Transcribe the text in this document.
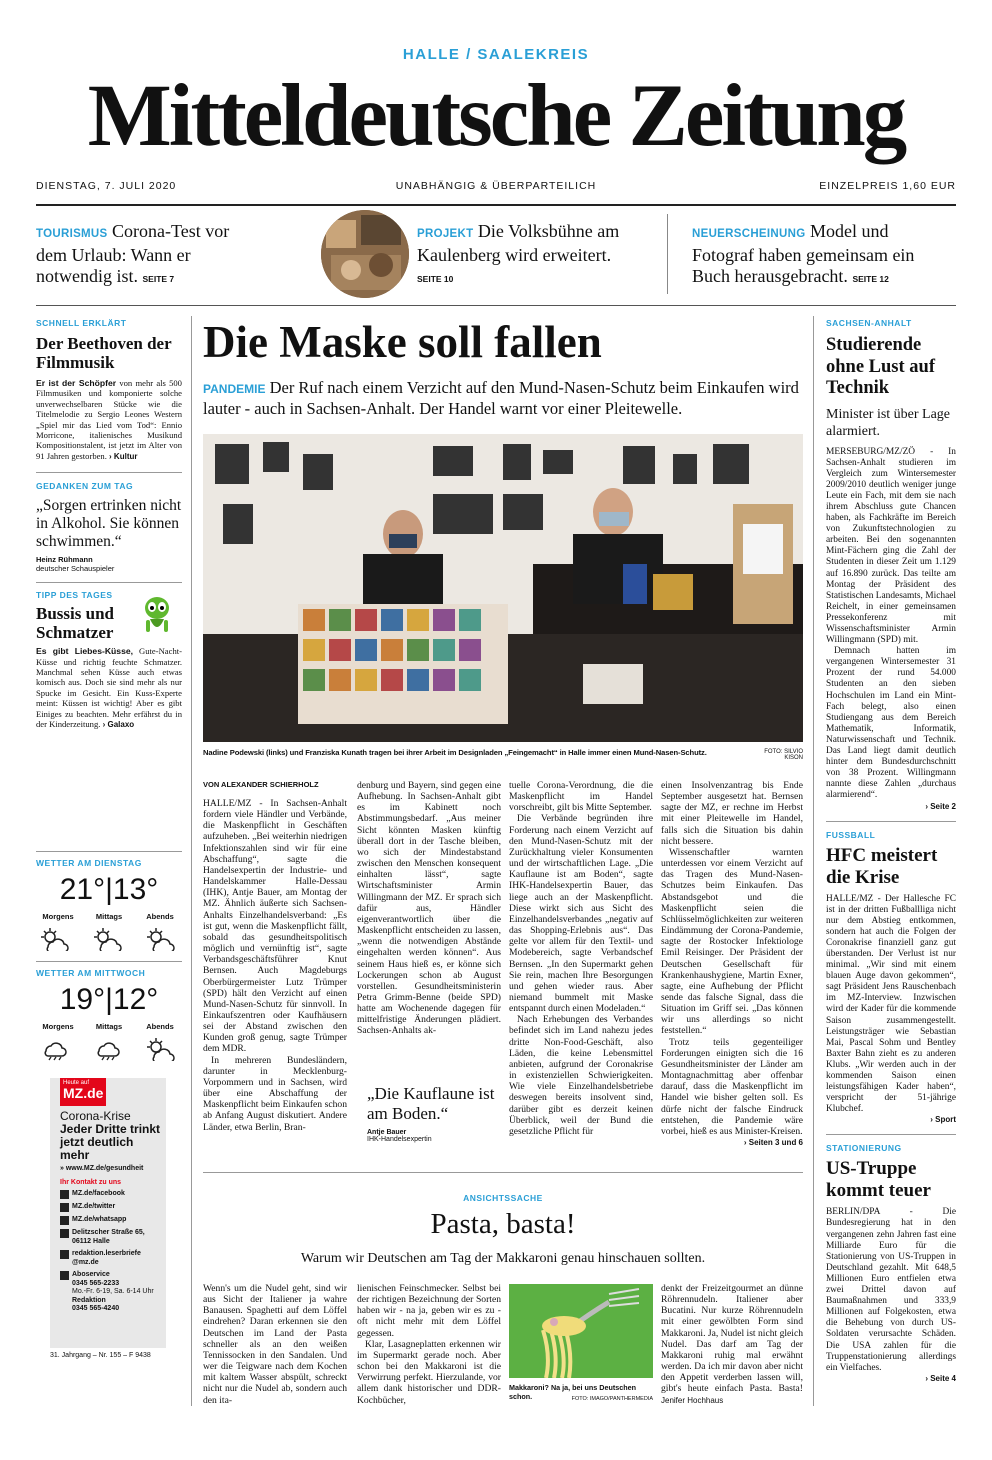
HALLE / SAALEKREIS
Mitteldeutsche Zeitung
DIENSTAG, 7. JULI 2020	UNABHÄNGIG & ÜBERPARTEILICH	EINZELPREIS 1,60 EUR
TOURISMUS Corona-Test vor dem Urlaub: Wann er notwendig ist. SEITE 7
PROJEKT Die Volksbühne am Kaulenberg wird erweitert. SEITE 10
NEUERSCHEINUNG Model und Fotograf haben gemeinsam ein Buch herausgebracht. SEITE 12
SCHNELL ERKLÄRT
Der Beethoven der Filmmusik
Er ist der Schöpfer von mehr als 500 Filmmusiken und komponierte solche unverwechselbaren Stücke wie die Titelmelodie zu Sergio Leones Western „Spiel mir das Lied vom Tod“: Ennio Morricone, italienisches Musikund Kompositionstalent, ist jetzt im Alter von 91 Jahren gestorben. › Kultur
GEDANKEN ZUM TAG
„Sorgen ertrinken nicht in Alkohol. Sie können schwimmen.“
Heinz Rühmann
deutscher Schauspieler
TIPP DES TAGES
Bussis und Schmatzer
Es gibt Liebes-Küsse, Gute-Nacht-Küsse und richtig feuchte Schmatzer. Manchmal sehen Küsse auch etwas komisch aus. Doch sie sind mehr als nur Spucke im Gesicht. Ein Kuss-Experte meint: Küssen ist wichtig! Aber es gibt Einiges zu beachten. Mehr erfährst du in der Kinderzeitung. › Galaxo
WETTER AM DIENSTAG
21°|13°
Morgens	Mittags	Abends
WETTER AM MITTWOCH
19°|12°
Morgens	Mittags	Abends
Heute auf
MZ.de
Corona-Krise
Jeder Dritte trinkt jetzt deutlich mehr
» www.MZ.de/gesundheit
Ihr Kontakt zu uns
MZ.de/facebook
MZ.de/twitter
MZ.de/whatsapp
Delitzscher Straße 65, 06112 Halle
redaktion.leserbriefe @mz.de
Aboservice
0345 565-2233
Mo.-Fr. 6-19, Sa. 6-14 Uhr
Redaktion
0345 565-4240
31. Jahrgang – Nr. 155 – F 9438
Die Maske soll fallen
PANDEMIE Der Ruf nach einem Verzicht auf den Mund-Nasen-Schutz beim Einkaufen wird lauter - auch in Sachsen-Anhalt. Der Handel warnt vor einer Pleitewelle.
Nadine Podewski (links) und Franziska Kunath tragen bei ihrer Arbeit im Designladen „Feingemacht“ in Halle immer einen Mund-Nasen-Schutz.	FOTO: SILVIO KISON
VON ALEXANDER SCHIERHOLZ

HALLE/MZ - In Sachsen-Anhalt fordern viele Händler und Verbände, die Maskenpflicht in Geschäften aufzuheben. „Bei weiterhin niedrigen Infektionszahlen sind wir für eine Abschaffung“, sagte die Handelsexpertin der Industrie- und Handelskammer Halle-Dessau (IHK), Antje Bauer, am Montag der MZ. Ähnlich äußerte sich Sachsen-Anhalts Einzelhandelsverband: „Es ist gut, wenn die Maskenpflicht fällt, sobald das gesundheitspolitisch möglich und vernünftig ist“, sagte Verbandsgeschäftsführer Knut Bernsen. Auch Magdeburgs Oberbürgermeister Lutz Trümper (SPD) hält den Verzicht auf einen Mund-Nasen-Schutz für sinnvoll. In Einkaufszentren oder Kaufhäusern sei der Abstand zwischen den Kunden groß genug, sagte Trümper dem MDR.

In mehreren Bundesländern, darunter in Mecklenburg-Vorpommern und in Sachsen, wird über eine Abschaffung der Maskenpflicht beim Einkaufen schon ab Anfang August diskutiert. Andere Länder, etwa Berlin, Bran-

denburg und Bayern, sind gegen eine Aufhebung. In Sachsen-Anhalt gibt es im Kabinett noch Abstimmungsbedarf. „Aus meiner Sicht könnten Masken künftig überall dort in der Tasche bleiben, wo sich der Mindestabstand zwischen den Menschen konsequent einhalten lässt“, sagte Wirtschaftsminister Armin Willingmann der MZ. Er sprach sich dafür aus, Händler eigenverantwortlich über die Maskenpflicht entscheiden zu lassen, „wenn die notwendigen Abstände eingehalten werden können“. Aus seinem Haus hieß es, er könne sich Lockerungen schon ab August vorstellen. Gesundheitsministerin Petra Grimm-Benne (beide SPD) hatte am Wochenende dagegen für mittelfristige Änderungen plädiert. Sachsen-Anhalts ak-

tuelle Corona-Verordnung, die die Maskenpflicht im Handel vorschreibt, gilt bis Mitte September.

Die Verbände begründen ihre Forderung nach einem Verzicht auf den Mund-Nasen-Schutz mit der Zurückhaltung vieler Konsumenten und der wirtschaftlichen Lage. „Die Kauflaune ist am Boden“, sagte IHK-Handelsexpertin Bauer, das liege auch an der Maskenpflicht. Diese wirkt sich aus Sicht des Einzelhandelsverbandes „negativ auf das Shopping-Erlebnis aus“. Das gelte vor allem für den Textil- und Modebereich, sagte Verbandschef Bernsen. „In den Supermarkt gehen Sie rein, machen Ihre Besorgungen und gehen wieder raus. Aber niemand bummelt mit Maske entspannt durch einen Modeladen.“

Nach Erhebungen des Verbandes befindet sich im Land nahezu jedes dritte Non-Food-Geschäft, also Läden, die keine Lebensmittel anbieten, aufgrund der Coronakrise in existenziellen Schwierigkeiten. Wie viele Einzelhandelsbetriebe deswegen bereits insolvent sind, darüber gibt es derzeit keinen Überblick, weil der Bund die gesetzliche Pflicht für

einen Insolvenzantrag bis Ende September ausgesetzt hat. Bernsen sagte der MZ, er rechne im Herbst mit einer Pleitewelle im Handel, falls sich die Situation bis dahin nicht bessere.

Wissenschaftler warnten unterdessen vor einem Verzicht auf das Tragen des Mund-Nasen-Schutzes beim Einkaufen. Das Abstandsgebot und die Maskenpflicht seien die Schlüsselmöglichkeiten zur weiteren Eindämmung der Corona-Pandemie, sagte der Rostocker Infektiologe Emil Reisinger. Der Präsident der Deutschen Gesellschaft für Krankenhaushygiene, Martin Exner, sagte, eine Aufhebung der Pflicht sende das falsche Signal, dass die Situation im Griff sei. „Das können wir uns allerdings so nicht feststellen.“

Trotz teils gegenteiliger Forderungen einigten sich die 16 Gesundheitsminister der Länder am Montagnachmittag aber offenbar darauf, dass die Maskenpflicht im Handel wie bisher gelten soll. Es dürfe nicht der falsche Eindruck entstehen, die Pandemie wäre vorbei, hieß es aus Minister-Kreisen.

› Seiten 3 und 6
„Die Kauflaune ist am Boden.“
Antje Bauer
IHK-Handelsexpertin
SACHSEN-ANHALT
Studierende ohne Lust auf Technik
Minister ist über Lage alarmiert.

MERSEBURG/MZ/ZÖ - In Sachsen-Anhalt studieren im Vergleich zum Wintersemester 2009/2010 deutlich weniger junge Leute ein Fach, mit dem sie nach ihrem Abschluss gute Chancen haben, als Fachkräfte im Bereich von Zukunftstechnologien zu arbeiten. Bei den sogenannten Mint-Fächern ging die Zahl der Studenten in dieser Zeit um 1.129 auf 16.890 zurück. Das teilte am Montag der Präsident des Statistischen Landesamts, Michael Reichelt, in einer gemeinsamen Pressekonferenz mit Wissenschaftsminister Armin Willingmann (SPD) mit.

Demnach hatten im vergangenen Wintersemester 31 Prozent der rund 54.000 Studenten an den sieben Hochschulen im Land ein Mint-Fach belegt, also einen Studiengang aus dem Bereich Mathematik, Informatik, Naturwissenschaft und Technik. Das Land liegt damit deutlich hinter dem Bundesdurchschnitt von 38 Prozent. Willingmann nannte diese Zahlen „durchaus alarmierend“.

› Seite 2
FUSSBALL
HFC meistert die Krise

HALLE/MZ - Der Hallesche FC ist in der dritten Fußballliga nicht nur dem Abstieg entkommen, sondern hat auch die Folgen der Coronakrise finanziell ganz gut überstanden. Der Verlust ist nur minimal. „Wir sind mit einem blauen Auge davon gekommen“, sagt Präsident Jens Rauschenbach im MZ-Interview. Inzwischen wird der Kader für die kommende Saison zusammengestellt. Leistungsträger wie Sebastian Mai, Pascal Sohm und Bentley Baxter Bahn zieht es zu anderen Klubs. „Wir werden auch in der kommenden Saison einen leistungsfähigen Kader haben“, verspricht der 51-jährige Klubchef.

› Sport
STATIONIERUNG
US-Truppe kommt teuer

BERLIN/DPA - Die Bundesregierung hat in den vergangenen zehn Jahren fast eine Milliarde Euro für die Stationierung von US-Truppen in Deutschland gezahlt. Mit 648,5 Millionen Euro entfielen etwa zwei Drittel davon auf Baumaßnahmen und 333,9 Millionen auf Folgekosten, etwa die Behebung von durch US-Soldaten verursachte Schäden. Die USA zahlen für die Truppenstationierung allerdings ein Vielfaches.

› Seite 4
ANSICHTSSACHE
Pasta, basta!
Warum wir Deutschen am Tag der Makkaroni genau hinschauen sollten.

Wenn's um die Nudel geht, sind wir aus Sicht der Italiener ja wahre Banausen. Spaghetti auf dem Löffel eindrehen? Daran erkennen sie den Deutschen im Land der Pasta schneller als an den weißen Tennissocken in den Sandalen. Und wer die Teigware nach dem Kochen mit kaltem Wasser abspült, schreckt nicht nur die Nudel ab, sondern auch den ita-

lienischen Feinschmecker. Selbst bei der richtigen Bezeichnung der Sorten haben wir - na ja, geben wir es zu - oft nicht mehr mit dem Löffel gegessen.

Klar, Lasagneplatten erkennen wir im Supermarkt gerade noch. Aber schon bei den Makkaroni ist die Verwirrung perfekt. Hierzulande, vor allem dank historischer und DDR-Kochbücher,

Makkaroni? Na ja, bei uns Deutschen schon.	FOTO: IMAGO/PANTHERMEDIA

denkt der Freizeitgourmet an dünne Röhrennudeln. Italiener aber Bucatini. Nur kurze Röhrennudeln mit einer gewölbten Form sind Makkaroni. Ja, Nudel ist nicht gleich Nudel. Das darf am Tag der Makkaroni ruhig mal erwähnt werden. Da ich mir davon aber nicht den Appetit verderben lassen will, gibt's heute einfach Pasta. Basta! Jenifer Hochhaus
